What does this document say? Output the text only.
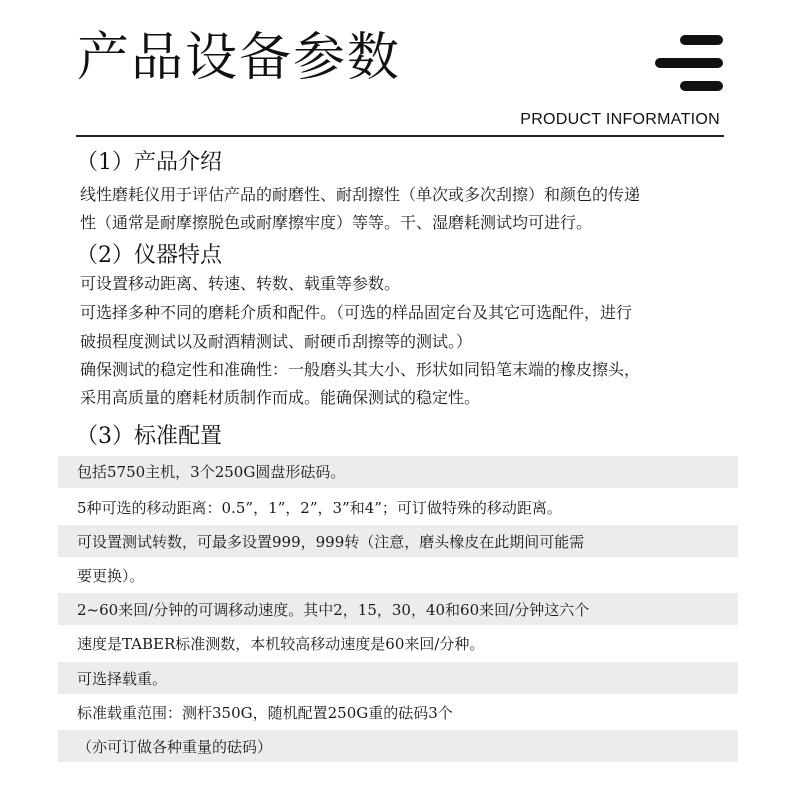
产品设备参数
PRODUCT INFORMATION
（1）产品介绍
线性磨耗仪用于评估产品的耐磨性、耐刮擦性（单次或多次刮擦）和颜色的传递
性（通常是耐摩擦脱色或耐摩擦牢度）等等。干、湿磨耗测试均可进行。
（2）仪器特点
可设置移动距离、转速、转数、载重等参数。
可选择多种不同的磨耗介质和配件。（可选的样品固定台及其它可选配件，进行
破损程度测试以及耐酒精测试、耐硬币刮擦等的测试。）
确保测试的稳定性和准确性：一般磨头其大小、形状如同铅笔末端的橡皮擦头，
采用高质量的磨耗材质制作而成。能确保测试的稳定性。
（3）标准配置
包括5750主机，3个250G圆盘形砝码。
5种可选的移动距离：0.5”，1”，2”，3”和4”；可订做特殊的移动距离。
可设置测试转数，可最多设置999，999转（注意，磨头橡皮在此期间可能需
要更换）。
2~60来回/分钟的可调移动速度。其中2，15，30，40和60来回/分钟这六个
速度是TABER标准测数，本机较高移动速度是60来回/分种。
可选择载重。
标准载重范围：测杆350G，随机配置250G重的砝码3个
（亦可订做各种重量的砝码）
